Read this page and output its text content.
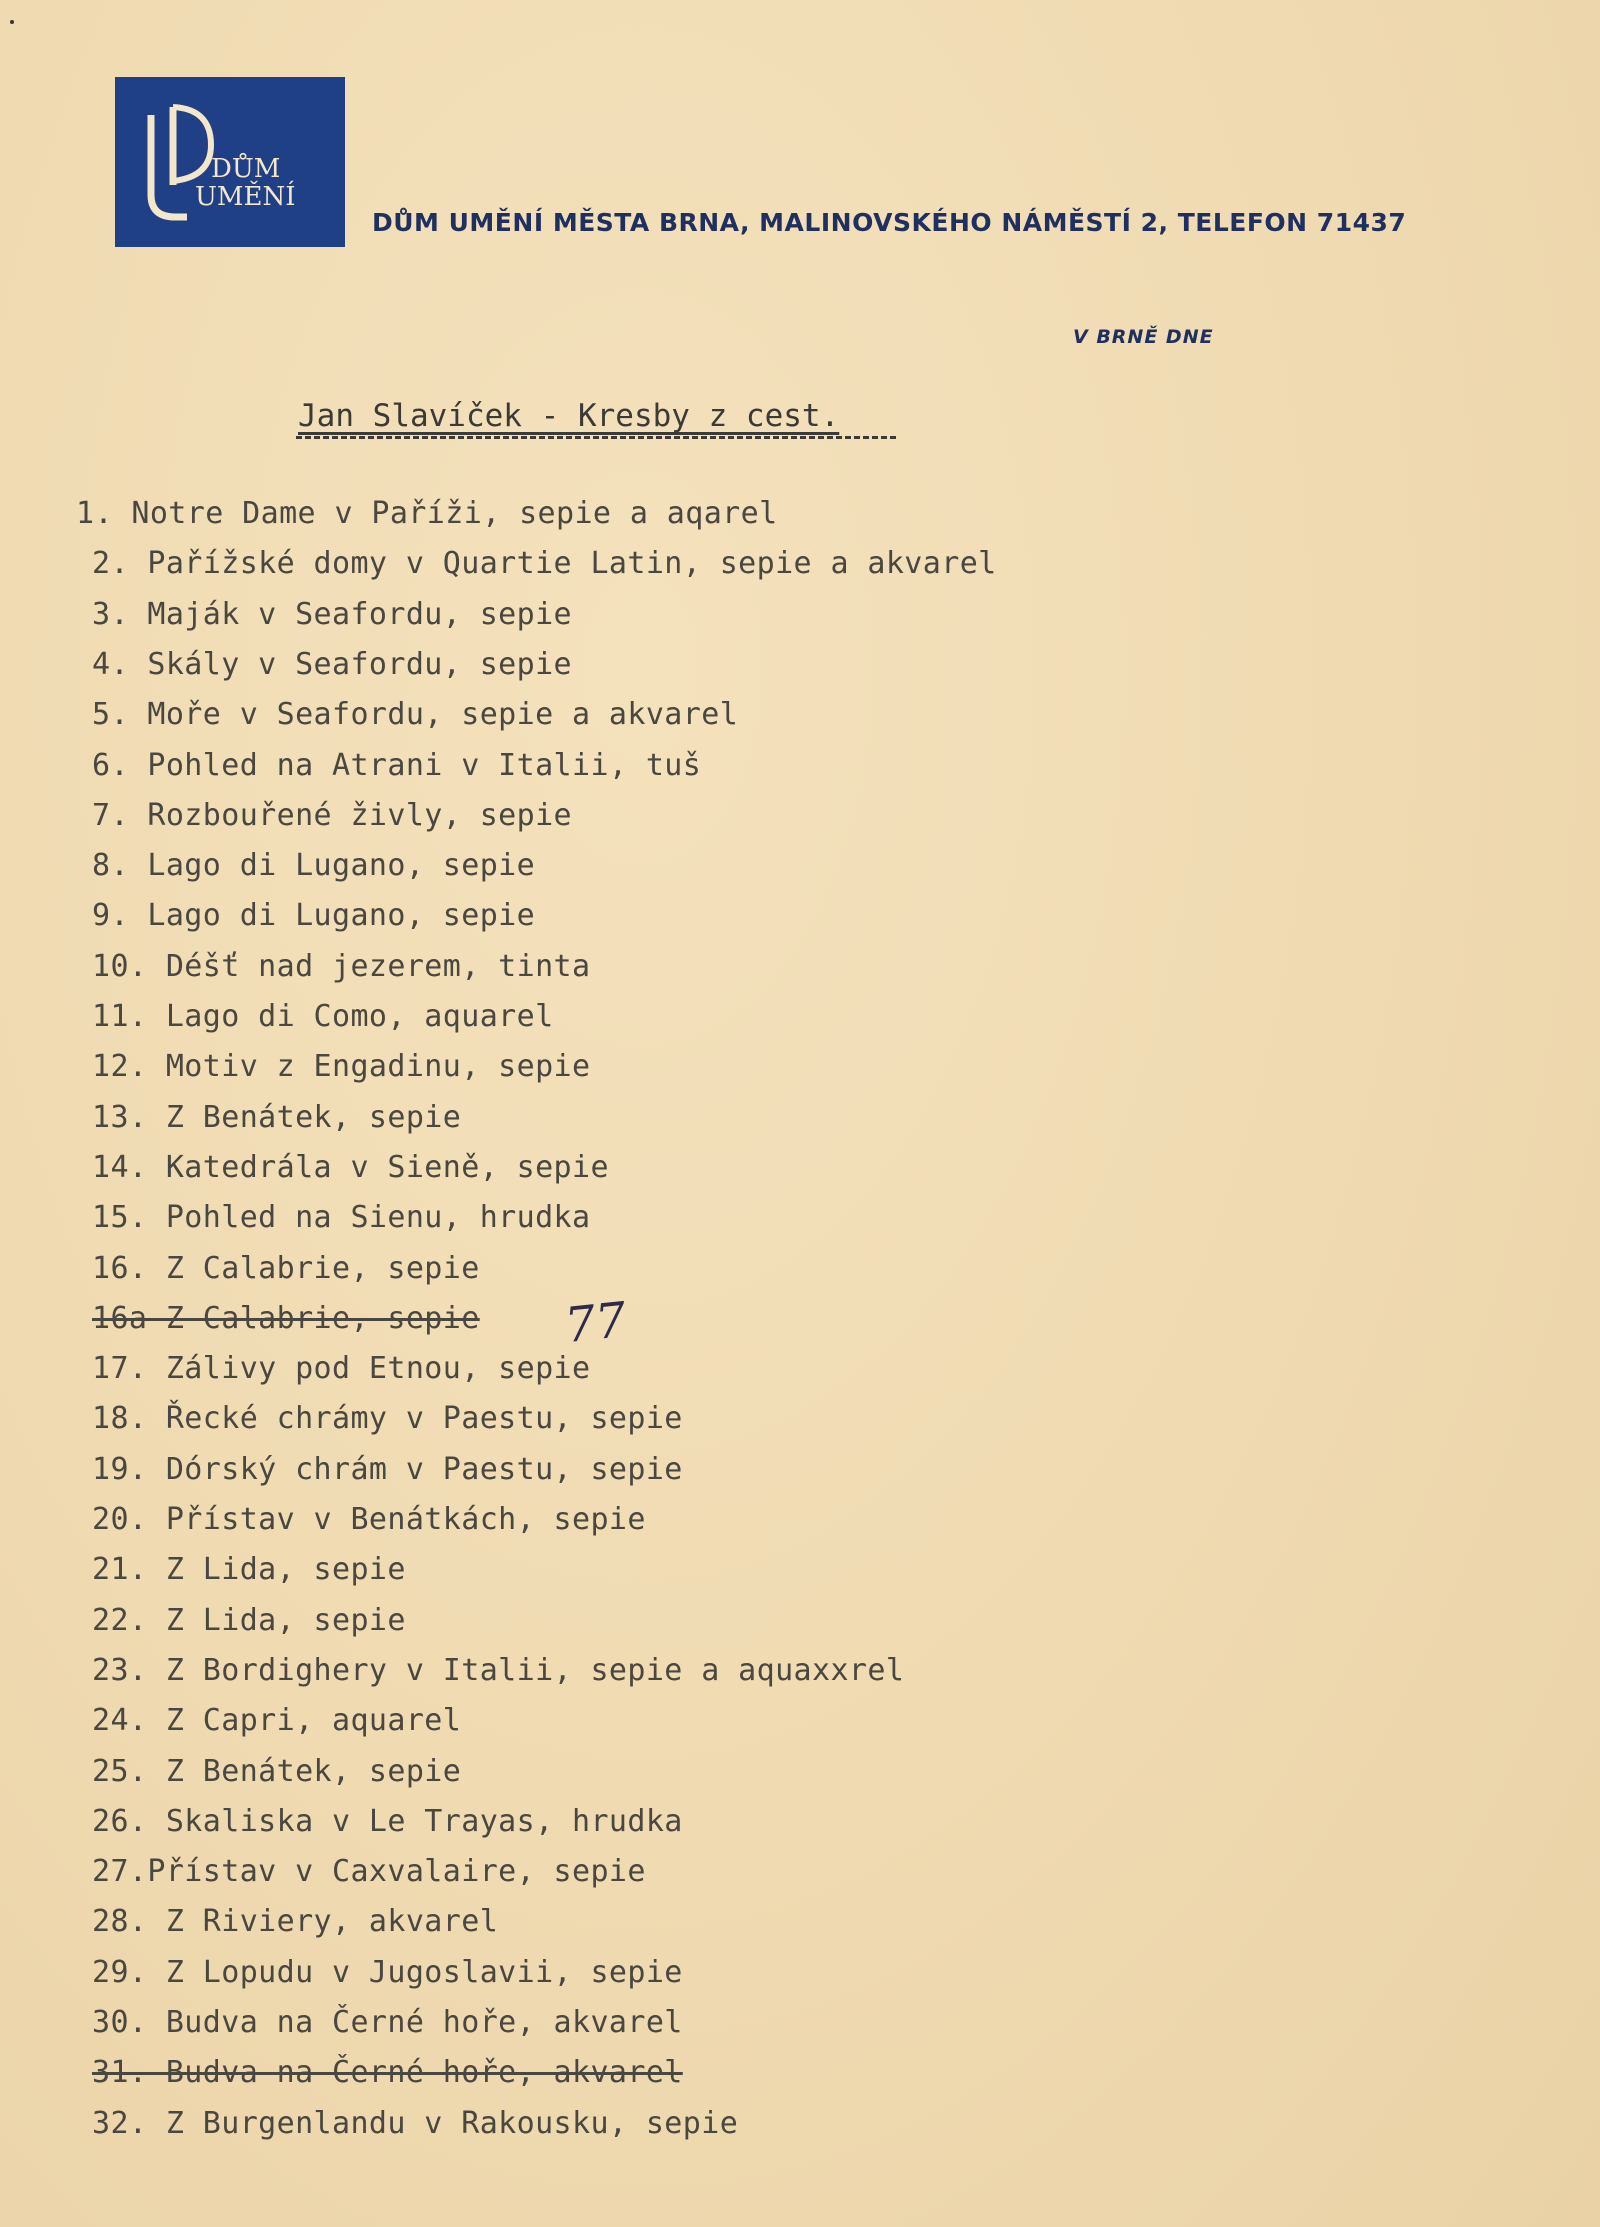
DŮM
UMĚNÍ
DŮM UMĚNÍ MĚSTA BRNA, MALINOVSKÉHO NÁMĚSTÍ 2, TELEFON 71437
V BRNĚ DNE
Jan Slavíček - Kresby z cest.
1. Notre Dame v Paříži, sepie a aqarel
2. Pařížské domy v Quartie Latin, sepie a akvarel
3. Maják v Seafordu, sepie
4. Skály v Seafordu, sepie
5. Moře v Seafordu, sepie a akvarel
6. Pohled na Atrani v Italii, tuš
7. Rozbouřené živly, sepie
8. Lago di Lugano, sepie
9. Lago di Lugano, sepie
10. Déšť nad jezerem, tinta
11. Lago di Como, aquarel
12. Motiv z Engadinu, sepie
13. Z Benátek, sepie
14. Katedrála v Sieně, sepie
15. Pohled na Sienu, hrudka
16. Z Calabrie, sepie
16a Z Calabrie, sepie
17. Zálivy pod Etnou, sepie
18. Řecké chrámy v Paestu, sepie
19. Dórský chrám v Paestu, sepie
20. Přístav v Benátkách, sepie
21. Z Lida, sepie
22. Z Lida, sepie
23. Z Bordighery v Italii, sepie a aquaxxrel
24. Z Capri, aquarel
25. Z Benátek, sepie
26. Skaliska v Le Trayas, hrudka
27.Přístav v Caxvalaire, sepie
28. Z Riviery, akvarel
29. Z Lopudu v Jugoslavii, sepie
30. Budva na Černé hoře, akvarel
31. Budva na Černé hoře, akvarel
32. Z Burgenlandu v Rakousku, sepie
77
